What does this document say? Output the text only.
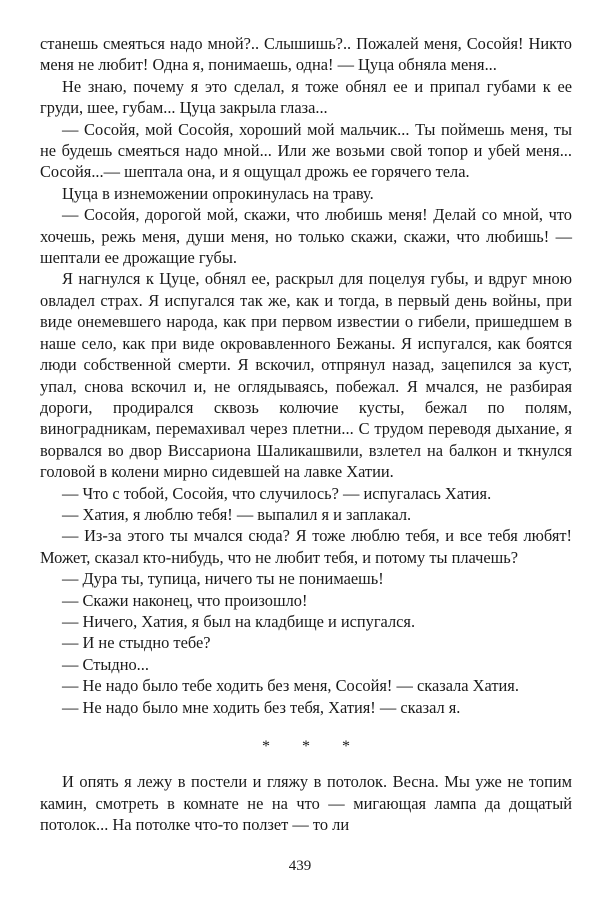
станешь смеяться надо мной?.. Слышишь?.. Пожалей меня, Сосойя! Никто меня не любит! Одна я, понимаешь, одна! — Цуца обняла меня...

Не знаю, почему я это сделал, я тоже обнял ее и припал губами к ее груди, шее, губам... Цуца закрыла глаза...

— Сосойя, мой Сосойя, хороший мой мальчик... Ты поймешь меня, ты не будешь смеяться надо мной... Или же возьми свой топор и убей меня... Сосойя...— шептала она, и я ощущал дрожь ее горячего тела.

Цуца в изнеможении опрокинулась на траву.

— Сосойя, дорогой мой, скажи, что любишь меня! Делай со мной, что хочешь, режь меня, души меня, но только скажи, скажи, что любишь! — шептали ее дрожащие губы.

Я нагнулся к Цуце, обнял ее, раскрыл для поцелуя губы, и вдруг мною овладел страх. Я испугался так же, как и тогда, в первый день войны, при виде онемевшего народа, как при первом известии о гибели, пришедшем в наше село, как при виде окровавленного Бежаны. Я испугался, как боятся люди собственной смерти. Я вскочил, отпрянул назад, зацепился за куст, упал, снова вскочил и, не оглядываясь, побежал. Я мчался, не разбирая дороги, продирался сквозь колючие кусты, бежал по полям, виноградникам, перемахивал через плетни... С трудом переводя дыхание, я ворвался во двор Виссариона Шаликашвили, взлетел на балкон и ткнулся головой в колени мирно сидевшей на лавке Хатии.

— Что с тобой, Сосойя, что случилось? — испугалась Хатия.

— Хатия, я люблю тебя! — выпалил я и заплакал.

— Из-за этого ты мчался сюда? Я тоже люблю тебя, и все тебя любят! Может, сказал кто-нибудь, что не любит тебя, и потому ты плачешь?

— Дура ты, тупица, ничего ты не понимаешь!

— Скажи наконец, что произошло!

— Ничего, Хатия, я был на кладбище и испугался.

— И не стыдно тебе?

— Стыдно...

— Не надо было тебе ходить без меня, Сосойя! — сказала Хатия.

— Не надо было мне ходить без тебя, Хатия! — сказал я.

* * *

И опять я лежу в постели и гляжу в потолок. Весна. Мы уже не топим камин, смотреть в комнате не на что — мигающая лампа да дощатый потолок... На потолке что-то ползет — то ли

439
